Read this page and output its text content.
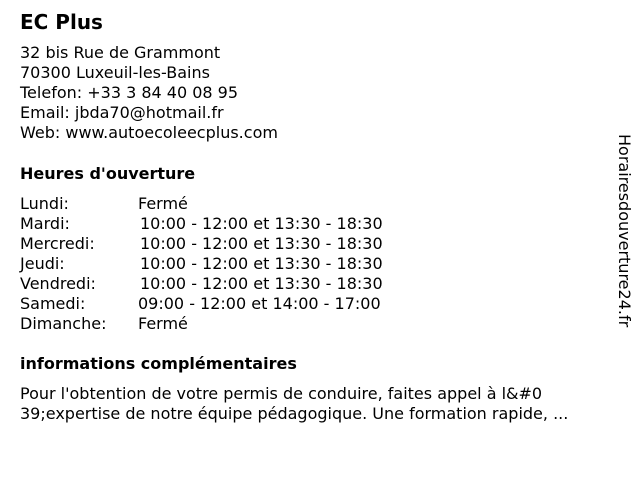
EC Plus
32 bis Rue de Grammont
70300 Luxeuil-les-Bains
Telefon: +33 3 84 40 08 95
Email: jbda70@hotmail.fr
Web: www.autoecoleecplus.com
Heures d'ouverture
Lundi:	Fermé
Mardi:	10:00 - 12:00 et 13:30 - 18:30
Mercredi:	10:00 - 12:00 et 13:30 - 18:30
Jeudi:	10:00 - 12:00 et 13:30 - 18:30
Vendredi:	10:00 - 12:00 et 13:30 - 18:30
Samedi:	09:00 - 12:00 et 14:00 - 17:00
Dimanche:	Fermé
informations complémentaires
Pour l'obtention de votre permis de conduire, faites appel à l&#0
39;expertise de notre équipe pédagogique. Une formation rapide, ...
Horairesdouverture24.fr
